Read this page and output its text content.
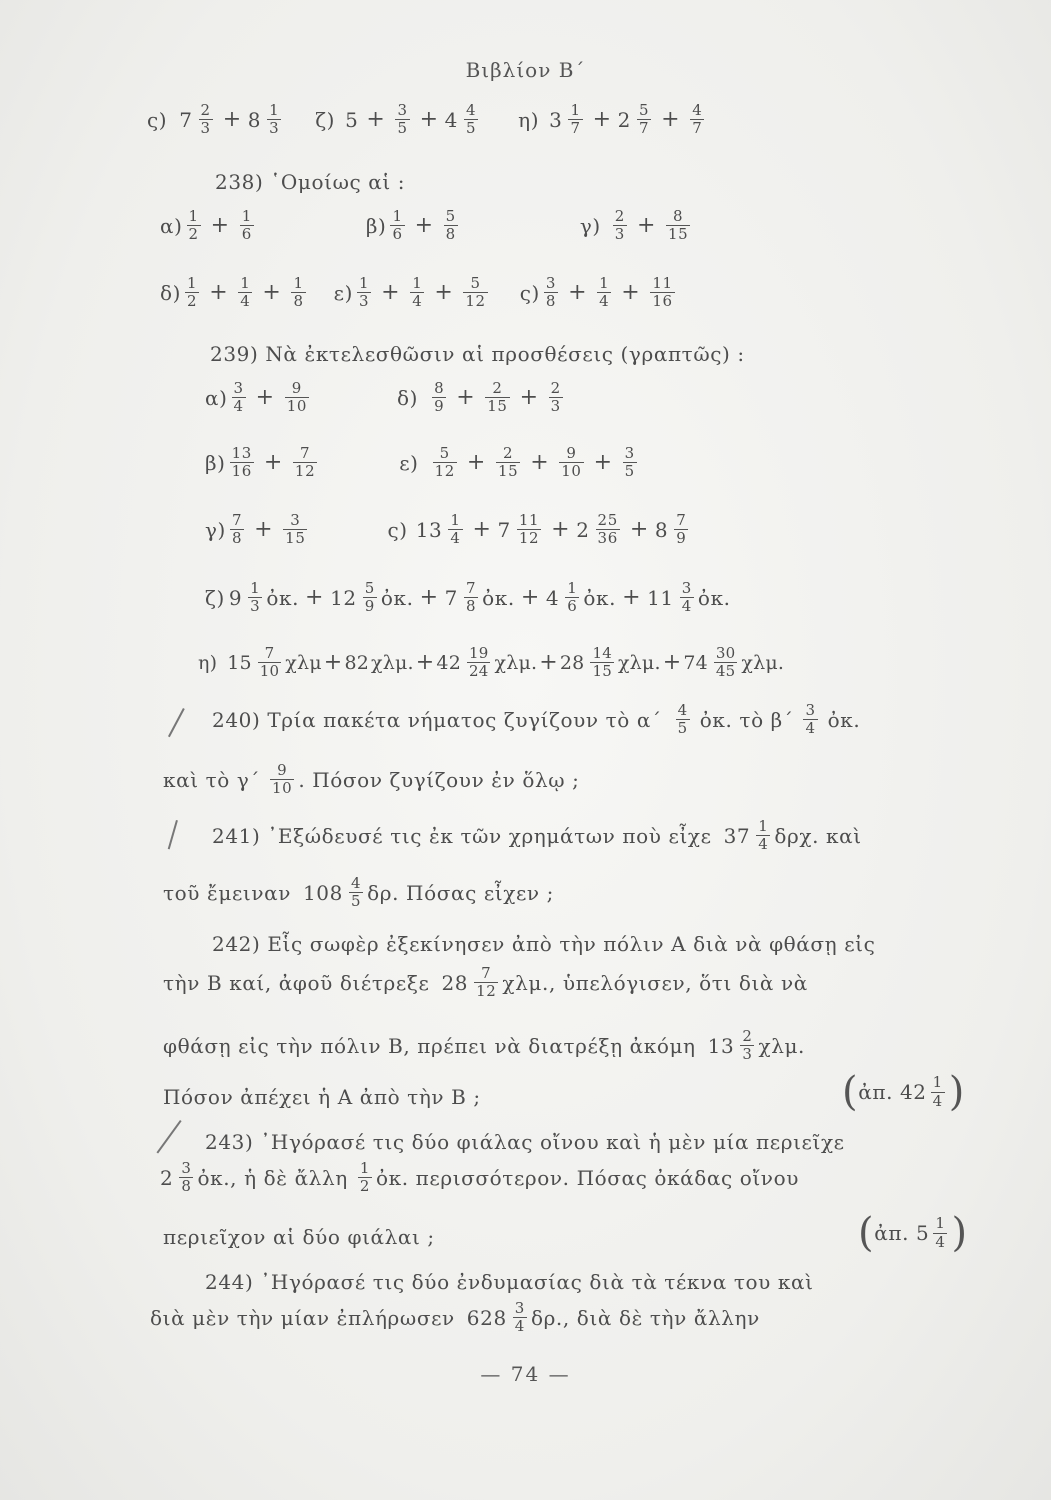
Βιβλίον Β΄
ς) $7 \frac{2}{3} + 8 \frac{1}{3} \zeta$) $5 + \frac{3}{5} + 4 \frac{4}{5} \eta$) $3 \frac{1}{7} + 2 \frac{5}{7} + \frac{4}{7}$
238) ῾Ομοίως αἱ :
$\alpha) \frac{1}{2} + \frac{1}{6}$	$\beta) \frac{1}{6} + \frac{5}{8}$	$\gamma) \frac{2}{3} + \frac{8}{15}$
$\delta) \frac{1}{2} + \frac{1}{4} + \frac{1}{8} \varepsilon) \frac{1}{3} + \frac{1}{4} + \frac{5}{12} \varsigma) \frac{3}{8} + \frac{1}{4} + \frac{11}{16}$
239) Νὰ ἐκτελεσθῶσιν αἱ προσθέσεις (γραπτῶς) :
$\alpha) \frac{3}{4} + \frac{9}{10}$	$\delta) \frac{8}{9} + \frac{2}{15} + \frac{2}{3}$
$\beta) \frac{13}{16} + \frac{7}{12}$	$\varepsilon) \frac{5}{12} + \frac{2}{15} + \frac{9}{10} + \frac{3}{5}$
$\gamma) \frac{7}{8} + \frac{3}{15}$	ς) $13 \frac{1}{4} + 7 \frac{11}{12} + 2 \frac{25}{36} + 8 \frac{7}{9}$
ζ) $9 \frac{1}{3}$ ὀκ. + $12 \frac{5}{9}$ ὀκ. + $7 \frac{7}{8}$ ὀκ. + $4 \frac{1}{6}$ ὀκ. + $11 \frac{3}{4}$ ὀκ.
η) $15 \frac{7}{10}$ χλμ + 82 χλμ. + $42 \frac{19}{24} \chi\lambda\mu$. + $28 \frac{14}{15} \chi\lambda\mu$. + $74 \frac{30}{45} \chi\lambda\mu$.
240) Τρία πακέτα νήματος ζυγίζουν τὸ $\alpha΄ \frac{4}{5}$ ὀκ. τὸ $\beta΄ \frac{3}{4}$ ὀκ.
καὶ τὸ $\gamma΄ \frac{9}{10}$ . Πόσον ζυγίζουν ἐν ὅλῳ ;
241) ᾿Εξώδευσέ τις ἐκ τῶν χρημάτων ποὺ εἶχε $37 \frac{1}{4} \delta\rho\chi$. καὶ
τοῦ ἔμειναν $108 \frac{4}{5} \delta\rho$. Πόσας εἶχεν ;
242) Εἷς σωφὲρ ἐξεκίνησεν ἀπὸ τὴν πόλιν Α διὰ νὰ φθάσῃ εἰς
τὴν Β καί, ἀφοῦ διέτρεξε $28 \frac{7}{12} \chi\lambda\mu$., ὑπελόγισεν, ὅτι διὰ νὰ
φθάσῃ εἰς τὴν πόλιν Β, πρέπει νὰ διατρέξῃ ἀκόμη $13 \frac{2}{3} \chi\lambda\mu$.
Πόσον ἀπέχει ἡ Α ἀπὸ τὴν Β ;	( ἀπ. $42 \frac{1}{4}$ )
243) ᾿Ηγόρασέ τις δύο φιάλας οἴνου καὶ ἡ μὲν μία περιεῖχε
$2 \frac{3}{8}$ ὀκ., ἡ δὲ ἄλλη $\frac{1}{2}$ ὀκ. περισσότερον. Πόσας ὀκάδας οἴνου
περιεῖχον αἱ δύο φιάλαι ;	( ἀπ. $5 \frac{1}{4}$ )
244) ᾿Ηγόρασέ τις δύο ἐνδυμασίας διὰ τὰ τέκνα του καὶ
διὰ μὲν τὴν μίαν ἐπλήρωσεν $628 \frac{3}{4} \delta\rho$., διὰ δὲ τὴν ἄλλην
— 74 —
